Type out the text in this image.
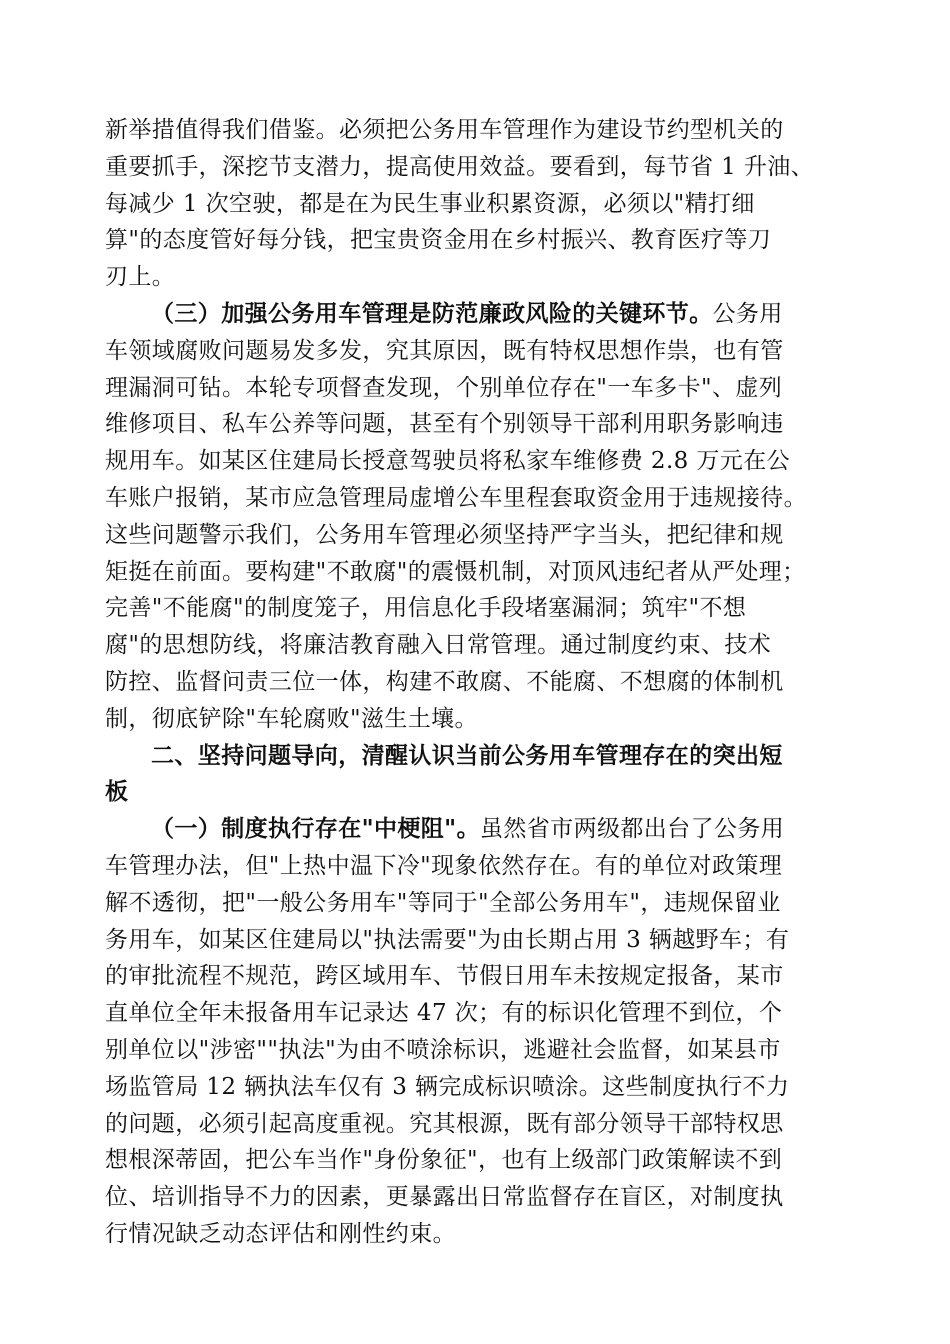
新举措值得我们借鉴。必须把公务用车管理作为建设节约型机关的
重要抓手，深挖节支潜力，提高使用效益。要看到，每节省 1 升油、
每减少 1 次空驶，都是在为民生事业积累资源，必须以"精打细
算"的态度管好每分钱，把宝贵资金用在乡村振兴、教育医疗等刀
刃上。
（三）加强公务用车管理是防范廉政风险的关键环节。公务用
车领域腐败问题易发多发，究其原因，既有特权思想作祟，也有管
理漏洞可钻。本轮专项督查发现，个别单位存在"一车多卡"、虚列
维修项目、私车公养等问题，甚至有个别领导干部利用职务影响违
规用车。如某区住建局长授意驾驶员将私家车维修费 2.8 万元在公
车账户报销，某市应急管理局虚增公车里程套取资金用于违规接待。
这些问题警示我们，公务用车管理必须坚持严字当头，把纪律和规
矩挺在前面。要构建"不敢腐"的震慑机制，对顶风违纪者从严处理；
完善"不能腐"的制度笼子，用信息化手段堵塞漏洞；筑牢"不想
腐"的思想防线，将廉洁教育融入日常管理。通过制度约束、技术
防控、监督问责三位一体，构建不敢腐、不能腐、不想腐的体制机
制，彻底铲除"车轮腐败"滋生土壤。
二、坚持问题导向，清醒认识当前公务用车管理存在的突出短
板
（一）制度执行存在"中梗阻"。虽然省市两级都出台了公务用
车管理办法，但"上热中温下冷"现象依然存在。有的单位对政策理
解不透彻，把"一般公务用车"等同于"全部公务用车"，违规保留业
务用车，如某区住建局以"执法需要"为由长期占用 3 辆越野车；有
的审批流程不规范，跨区域用车、节假日用车未按规定报备，某市
直单位全年未报备用车记录达 47 次；有的标识化管理不到位，个
别单位以"涉密""执法"为由不喷涂标识，逃避社会监督，如某县市
场监管局 12 辆执法车仅有 3 辆完成标识喷涂。这些制度执行不力
的问题，必须引起高度重视。究其根源，既有部分领导干部特权思
想根深蒂固，把公车当作"身份象征"，也有上级部门政策解读不到
位、培训指导不力的因素，更暴露出日常监督存在盲区，对制度执
行情况缺乏动态评估和刚性约束。
